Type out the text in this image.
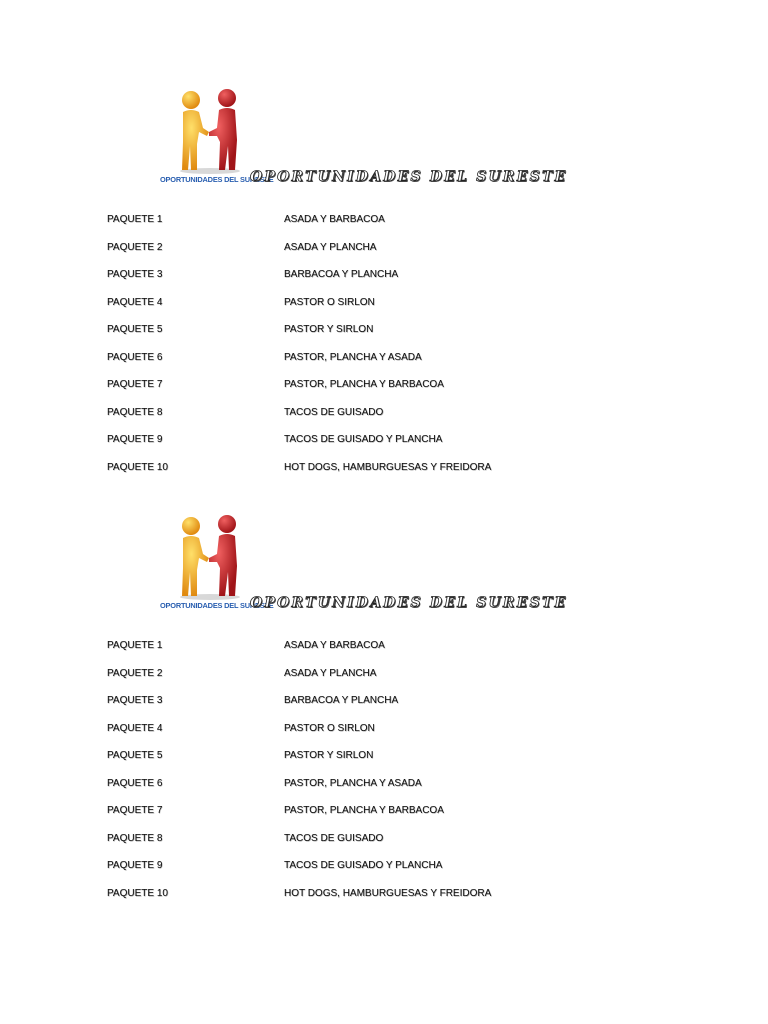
OPORTUNIDADES DEL SURESTE
OPORTUNIDADES DEL SURESTE
PAQUETE 1	ASADA Y BARBACOA
PAQUETE 2	ASADA Y PLANCHA
PAQUETE 3	BARBACOA Y PLANCHA
PAQUETE 4	PASTOR O SIRLON
PAQUETE 5	PASTOR Y SIRLON
PAQUETE 6	PASTOR, PLANCHA Y ASADA
PAQUETE 7	PASTOR, PLANCHA Y BARBACOA
PAQUETE 8	TACOS DE GUISADO
PAQUETE 9	TACOS DE GUISADO Y PLANCHA
PAQUETE 10	HOT DOGS, HAMBURGUESAS Y FREIDORA
OPORTUNIDADES DEL SURESTE
OPORTUNIDADES DEL SURESTE
PAQUETE 1	ASADA Y BARBACOA
PAQUETE 2	ASADA Y PLANCHA
PAQUETE 3	BARBACOA Y PLANCHA
PAQUETE 4	PASTOR O SIRLON
PAQUETE 5	PASTOR Y SIRLON
PAQUETE 6	PASTOR, PLANCHA Y ASADA
PAQUETE 7	PASTOR, PLANCHA Y BARBACOA
PAQUETE 8	TACOS DE GUISADO
PAQUETE 9	TACOS DE GUISADO Y PLANCHA
PAQUETE 10	HOT DOGS, HAMBURGUESAS Y FREIDORA
